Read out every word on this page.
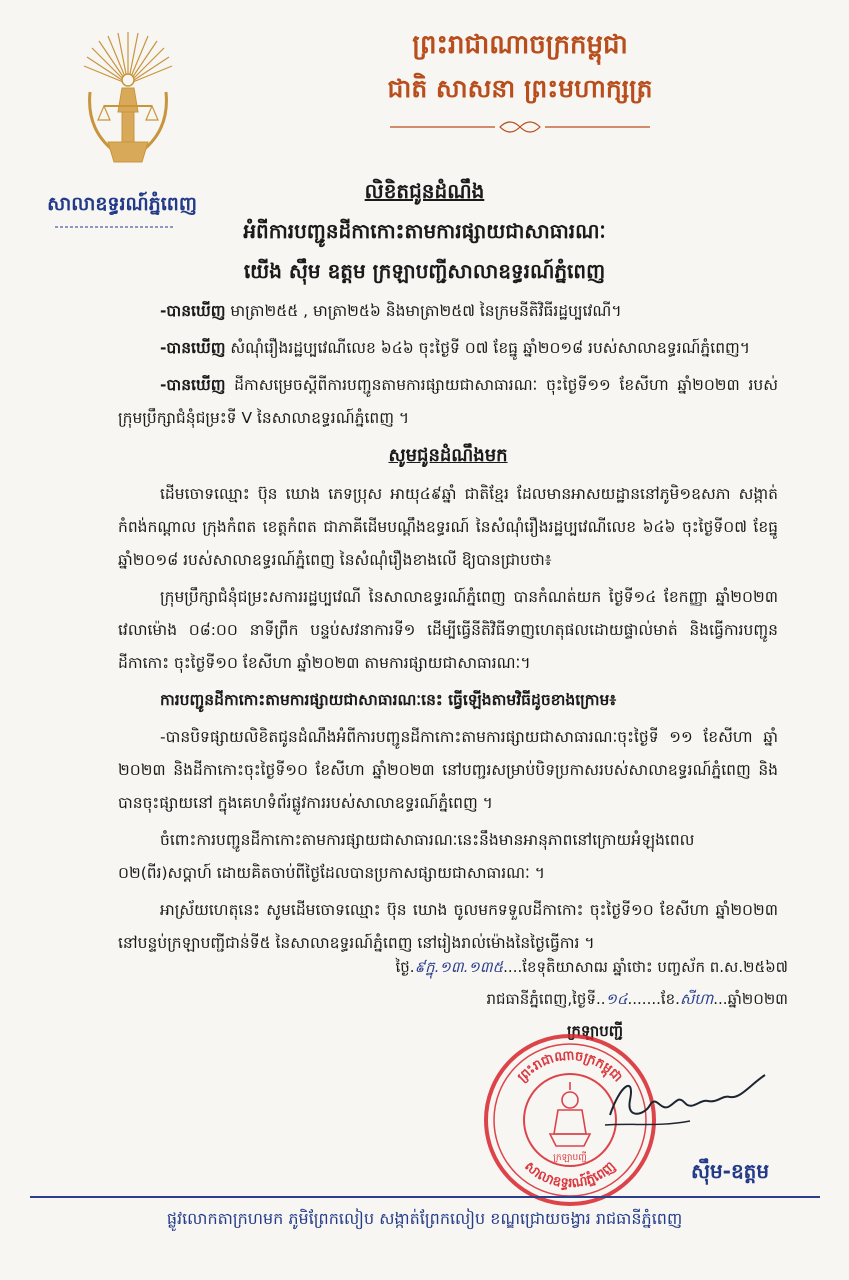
សាលាឧទ្ធរណ៍ភ្នំពេញ
ព្រះរាជាណាចក្រកម្ពុជា
ជាតិ សាសនា ព្រះមហាក្សត្រ
លិខិតជូនដំណឹង
អំពីការបញ្ជូនដីកាកោះតាមការផ្សាយជាសាធារណៈ
យើង ស៊ឹម ឧត្តម ក្រឡាបញ្ជីសាលាឧទ្ធរណ៍ភ្នំពេញ

-បានឃើញ មាត្រា២៥៥ , មាត្រា២៥៦ និងមាត្រា២៥៧ នៃក្រមនីតិវិធីរដ្ឋប្បវេណី។

-បានឃើញ សំណុំរឿងរដ្ឋប្បវេណីលេខ ៦៤៦ ចុះថ្ងៃទី ០៧ ខែធ្នូ ឆ្នាំ២០១៨ របស់សាលាឧទ្ធរណ៍ភ្នំពេញ។

-បានឃើញ ដីកាសម្រេចស្តីពីការបញ្ជូនតាមការផ្សាយជាសាធារណៈ ចុះថ្ងៃទី១១ ខែសីហា ឆ្នាំ២០២៣ របស់ក្រុមប្រឹក្សាជំនុំជម្រះទី V នៃសាលាឧទ្ធរណ៍ភ្នំពេញ ។

សូមជូនដំណឹងមក

ដើមចោទឈ្មោះ ប៊ុន ឃោង ភេទប្រុស អាយុ៤៩ឆ្នាំ ជាតិខ្មែរ ដែលមានអាសយដ្ឋាននៅភូមិ១ឧសភា សង្កាត់កំពង់កណ្តាល ក្រុងកំពត ខេត្តកំពត ជាភាគីដើមបណ្តឹងឧទ្ធរណ៍ នៃសំណុំរឿងរដ្ឋប្បវេណីលេខ ៦៤៦ ចុះថ្ងៃទី០៧ ខែធ្នូ ឆ្នាំ២០១៨ របស់សាលាឧទ្ធរណ៍ភ្នំពេញ នៃសំណុំរឿងខាងលើ ឱ្យបានជ្រាបថា៖

ក្រុមប្រឹក្សាជំនុំជម្រះសការរដ្ឋប្បវេណី នៃសាលាឧទ្ធរណ៍ភ្នំពេញ បានកំណត់យក ថ្ងៃទី១៤ ខែកញ្ញា ឆ្នាំ២០២៣ វេលាម៉ោង ០៨:០០ នាទីព្រឹក បន្ទប់សវនាការទី១ ដើម្បីធ្វើនីតិវិធីទាញហេតុផលដោយផ្ទាល់មាត់ និងធ្វើការបញ្ជូនដីកាកោះ ចុះថ្ងៃទី១០ ខែសីហា ឆ្នាំ២០២៣ តាមការផ្សាយជាសាធារណៈ។

ការបញ្ជូនដីកាកោះតាមការផ្សាយជាសាធារណៈនេះ ធ្វើឡើងតាមវិធីដូចខាងក្រោម៖

-បានបិទផ្សាយលិខិតជូនដំណឹងអំពីការបញ្ជូនដីកាកោះតាមការផ្សាយជាសាធារណៈចុះថ្ងៃទី ១១ ខែសីហា ឆ្នាំ ២០២៣ និងដីកាកោះចុះថ្ងៃទី១០ ខែសីហា ឆ្នាំ២០២៣ នៅបញ្ជរសម្រាប់បិទប្រកាសរបស់សាលាឧទ្ធរណ៍ភ្នំពេញ និងបានចុះផ្សាយនៅ ក្នុងគេហទំព័រផ្លូវការរបស់សាលាឧទ្ធរណ៍ភ្នំពេញ ។

ចំពោះការបញ្ជូនដីកាកោះតាមការផ្សាយជាសាធារណៈនេះនឹងមានអានុភាពនៅក្រោយអំឡុងពេល ០២(ពីរ)សប្តាហ៍ ដោយគិតចាប់ពីថ្ងៃដែលបានប្រកាសផ្សាយជាសាធារណៈ ។

អាស្រ័យហេតុនេះ សូមដើមចោទឈ្មោះ ប៊ុន ឃោង ចូលមកទទួលដីកាកោះ ចុះថ្ងៃទី១០ ខែសីហា ឆ្នាំ២០២៣ នៅបន្ទប់ក្រឡាបញ្ជីជាន់ទី៥ នៃសាលាឧទ្ធរណ៍ភ្នំពេញ នៅរៀងរាល់ម៉ោងនៃថ្ងៃធ្វើការ ។

ថ្ងៃ.៩ក្នុ.១៣.១៣៥....ខែទុតិយាសាឍ ឆ្នាំថោះ បញ្ចស័ក ព.ស.២៥៦៧
រាជធានីភ្នំពេញ,ថ្ងៃទី..១៤.......ខែ.សីហា...ឆ្នាំ២០២៣
ក្រឡាបញ្ជី
ព្រះរាជាណាចក្រកម្ពុជា
សាលាឧទ្ធរណ៍ភ្នំពេញ
ក្រឡាបញ្ជី
ស៊ឹម-ឧត្តម
ផ្លូវលោកតាក្រហមក ភូមិព្រែកលៀប សង្កាត់ព្រែកលៀប ខណ្ឌជ្រោយចង្វារ រាជធានីភ្នំពេញ
